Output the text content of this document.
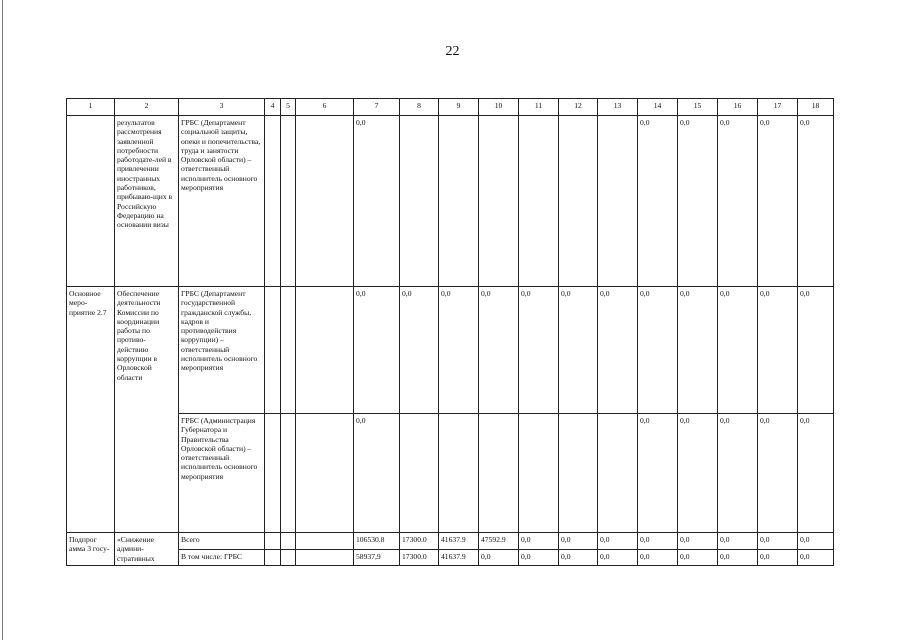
22
1	2	3	4	5	6	7	8	9	10	11	12	13	14	15	16	17	18
	результатов рассмотрения заявленной потребности работодате-лей в привлечении иностранных работников, прибываю-щих в Российскую Федерацию на основании визы	ГРБС (Департамент социальной защиты, опеки и попечительства, труда и занятости Орловской области) – ответственный исполнитель основного мероприятия				0,0							0,0	0,0	0,0	0,0	0,0
Основное меро-приятие 2.7	Обеспечение деятельности Комиссии по координации работы по противо-действию коррупции в Орловской области	ГРБС (Департамент государственной гражданской службы, кадров и противодействия коррупции) – ответственный исполнитель основного мероприятия				0,0	0,0	0,0	0,0	0,0	0,0	0,0	0,0	0,0	0,0	0,0	0,0
		ГРБС (Администрация Губернатора и Правительства Орловской области) – ответственный исполнитель основного мероприятия				0,0							0,0	0,0	0,0	0,0	0,0
Подпрог амма 3 госу-	«Снижение админи-стративных	Всего				106530.8	17300.0	41637.9	47592.9	0,0	0,0	0,0	0,0	0,0	0,0	0,0	0,0
		В том числе: ГРБС				58937,9	17300.0	41637.9	0,0	0,0	0,0	0,0	0,0	0,0	0,0	0,0	0,0
